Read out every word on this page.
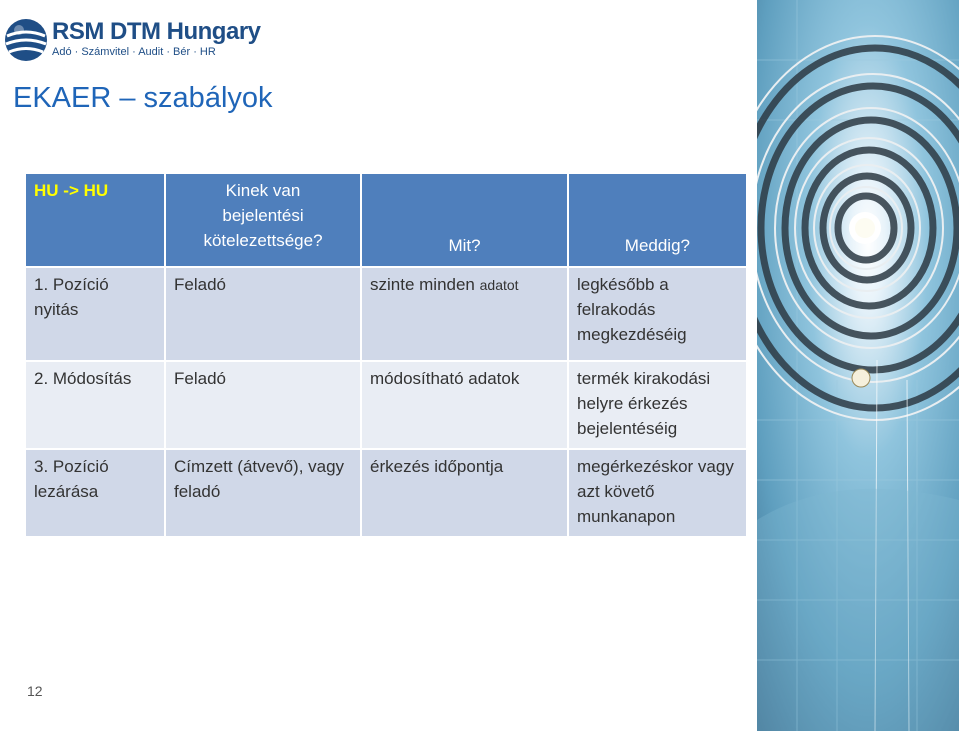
RSM DTM Hungary
Adó · Számvitel · Audit · Bér · HR
EKAER – szabályok
HU -> HU	Kinek van
bejelentési
kötelezettsége?	Mit?	Meddig?
1. Pozíció nyitás	Feladó	szinte minden adatot	legkésőbb a felrakodás megkezdéséig
2. Módosítás	Feladó	módosítható adatok	termék kirakodási helyre érkezés bejelentéséig
3. Pozíció lezárása	Címzett (átvevő), vagy feladó	érkezés időpontja	megérkezéskor vagy azt követő munkanapon
12
